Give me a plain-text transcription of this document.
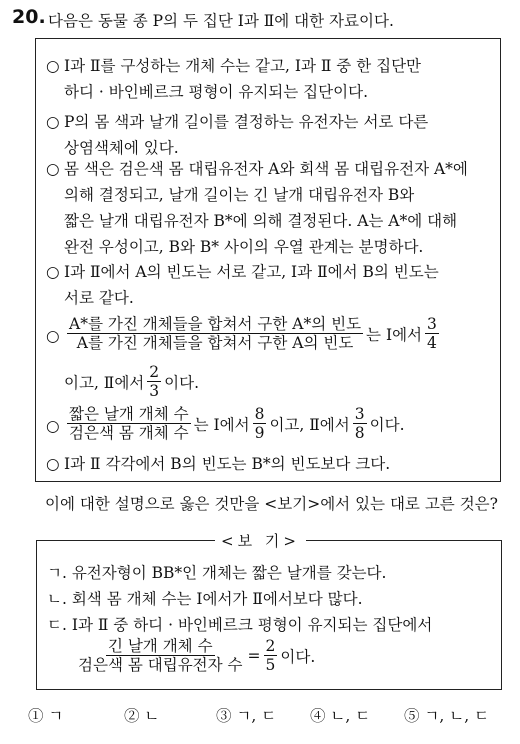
20. 다음은 동물 종 P의 두 집단 Ⅰ과 Ⅱ에 대한 자료이다.
○ Ⅰ과 Ⅱ를 구성하는 개체 수는 같고, Ⅰ과 Ⅱ 중 한 집단만
하디 · 바인베르크 평형이 유지되는 집단이다.
○ P의 몸 색과 날개 길이를 결정하는 유전자는 서로 다른
상염색체에 있다.
○ 몸 색은 검은색 몸 대립유전자 A와 회색 몸 대립유전자 A*에
의해 결정되고, 날개 길이는 긴 날개 대립유전자 B와
짧은 날개 대립유전자 B*에 의해 결정된다. A는 A*에 대해
완전 우성이고, B와 B* 사이의 우열 관계는 분명하다.
○ Ⅰ과 Ⅱ에서 A의 빈도는 서로 같고, Ⅰ과 Ⅱ에서 B의 빈도는
서로 같다.
○ $\frac{\text{A*를 가진 개체들을 합쳐서 구한 A*의 빈도}}{\text{A를 가진 개체들을 합쳐서 구한 A의 빈도}}$ 는 Ⅰ에서 $\frac{3}{4}$
이고, Ⅱ에서 $\frac{2}{3}$ 이다.
○ $\frac{\text{짧은 날개 개체 수}}{\text{검은색 몸 개체 수}}$ 는 Ⅰ에서 $\frac{8}{9}$ 이고, Ⅱ에서 $\frac{3}{8}$ 이다.
○ Ⅰ과 Ⅱ 각각에서 B의 빈도는 B*의 빈도보다 크다.
이에 대한 설명으로 옳은 것만을 <보기>에서 있는 대로 고른 것은?
<보 기>
ㄱ. 유전자형이 BB*인 개체는 짧은 날개를 갖는다.
ㄴ. 회색 몸 개체 수는 Ⅰ에서가 Ⅱ에서보다 많다.
ㄷ. Ⅰ과 Ⅱ 중 하디 · 바인베르크 평형이 유지되는 집단에서
$\frac{\text{긴 날개 개체 수}}{\text{검은색 몸 대립유전자 수}} = \frac{2}{5}$ 이다.
① ㄱ	② ㄴ	③ ㄱ, ㄷ ④ ㄴ, ㄷ ⑤ ㄱ, ㄴ, ㄷ
